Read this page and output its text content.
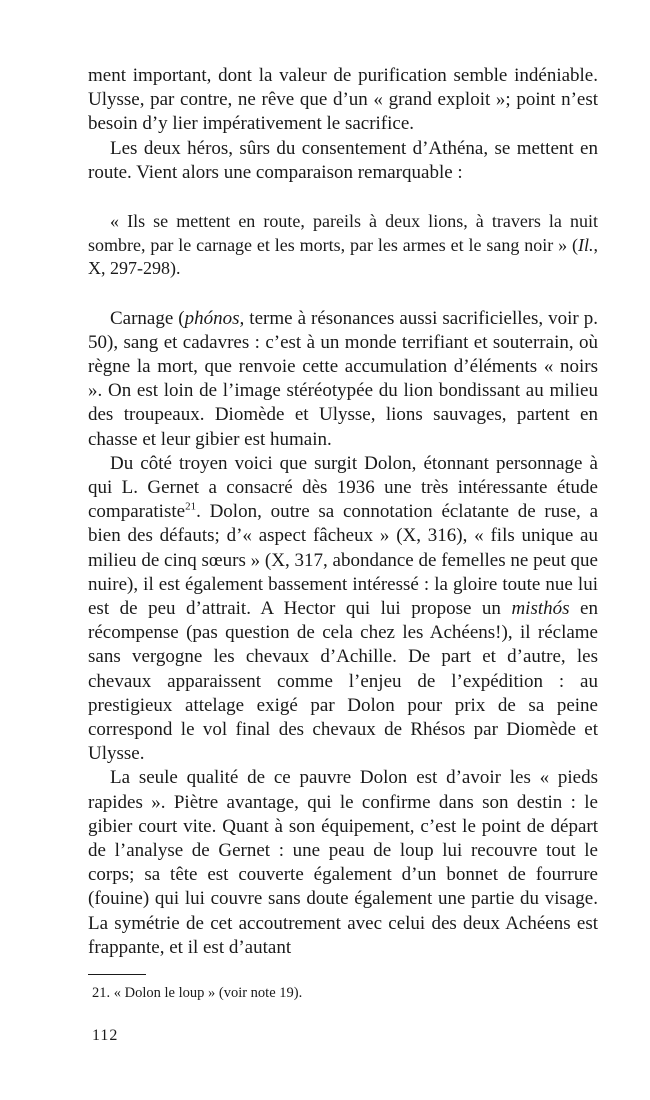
ment important, dont la valeur de purification semble indéniable. Ulysse, par contre, ne rêve que d’un « grand exploit »; point n’est besoin d’y lier impérativement le sacrifice.

Les deux héros, sûrs du consentement d’Athéna, se mettent en route. Vient alors une comparaison remarquable :

« Ils se mettent en route, pareils à deux lions, à travers la nuit sombre, par le carnage et les morts, par les armes et le sang noir » (Il., X, 297-298).

Carnage (phónos, terme à résonances aussi sacrificielles, voir p. 50), sang et cadavres : c’est à un monde terrifiant et souterrain, où règne la mort, que renvoie cette accumulation d’éléments « noirs ». On est loin de l’image stéréotypée du lion bondissant au milieu des troupeaux. Diomède et Ulysse, lions sauvages, partent en chasse et leur gibier est humain.

Du côté troyen voici que surgit Dolon, étonnant personnage à qui L. Gernet a consacré dès 1936 une très intéressante étude comparatiste$^{21}$. Dolon, outre sa connotation éclatante de ruse, a bien des défauts; d’« aspect fâcheux » (X, 316), « fils unique au milieu de cinq sœurs » (X, 317, abondance de femelles ne peut que nuire), il est également bassement intéressé : la gloire toute nue lui est de peu d’attrait. A Hector qui lui propose un misthós en récompense (pas question de cela chez les Achéens!), il réclame sans vergogne les chevaux d’Achille. De part et d’autre, les chevaux apparaissent comme l’enjeu de l’expédition : au prestigieux attelage exigé par Dolon pour prix de sa peine correspond le vol final des chevaux de Rhésos par Diomède et Ulysse.

La seule qualité de ce pauvre Dolon est d’avoir les « pieds rapides ». Piètre avantage, qui le confirme dans son destin : le gibier court vite. Quant à son équipement, c’est le point de départ de l’analyse de Gernet : une peau de loup lui recouvre tout le corps; sa tête est couverte également d’un bonnet de fourrure (fouine) qui lui couvre sans doute également une partie du visage. La symétrie de cet accoutrement avec celui des deux Achéens est frappante, et il est d’autant

21. « Dolon le loup » (voir note 19).
112
